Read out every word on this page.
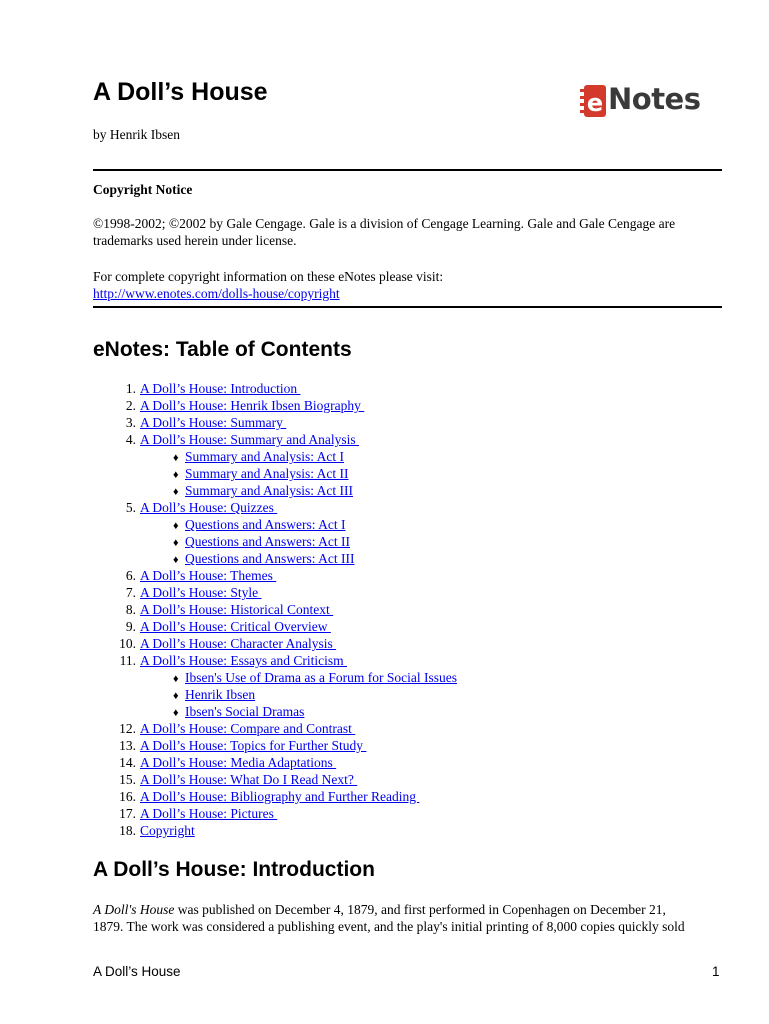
A Doll’s House
by Henrik Ibsen
e Notes
Copyright Notice
©1998-2002; ©2002 by Gale Cengage. Gale is a division of Cengage Learning. Gale and Gale Cengage are trademarks used herein under license.
For complete copyright information on these eNotes please visit:
http://www.enotes.com/dolls-house/copyright
eNotes: Table of Contents
1. A Doll’s House: Introduction
2. A Doll’s House: Henrik Ibsen Biography
3. A Doll’s House: Summary
4. A Doll’s House: Summary and Analysis
♦ Summary and Analysis: Act I
♦ Summary and Analysis: Act II
♦ Summary and Analysis: Act III
5. A Doll’s House: Quizzes
♦ Questions and Answers: Act I
♦ Questions and Answers: Act II
♦ Questions and Answers: Act III
6. A Doll’s House: Themes
7. A Doll’s House: Style
8. A Doll’s House: Historical Context
9. A Doll’s House: Critical Overview
10. A Doll’s House: Character Analysis
11. A Doll’s House: Essays and Criticism
♦ Ibsen's Use of Drama as a Forum for Social Issues
♦ Henrik Ibsen
♦ Ibsen's Social Dramas
12. A Doll’s House: Compare and Contrast
13. A Doll’s House: Topics for Further Study
14. A Doll’s House: Media Adaptations
15. A Doll’s House: What Do I Read Next?
16. A Doll’s House: Bibliography and Further Reading
17. A Doll’s House: Pictures
18. Copyright
A Doll’s House: Introduction
A Doll's House was published on December 4, 1879, and first performed in Copenhagen on December 21,
1879. The work was considered a publishing event, and the play's initial printing of 8,000 copies quickly sold
A Doll’s House	1
